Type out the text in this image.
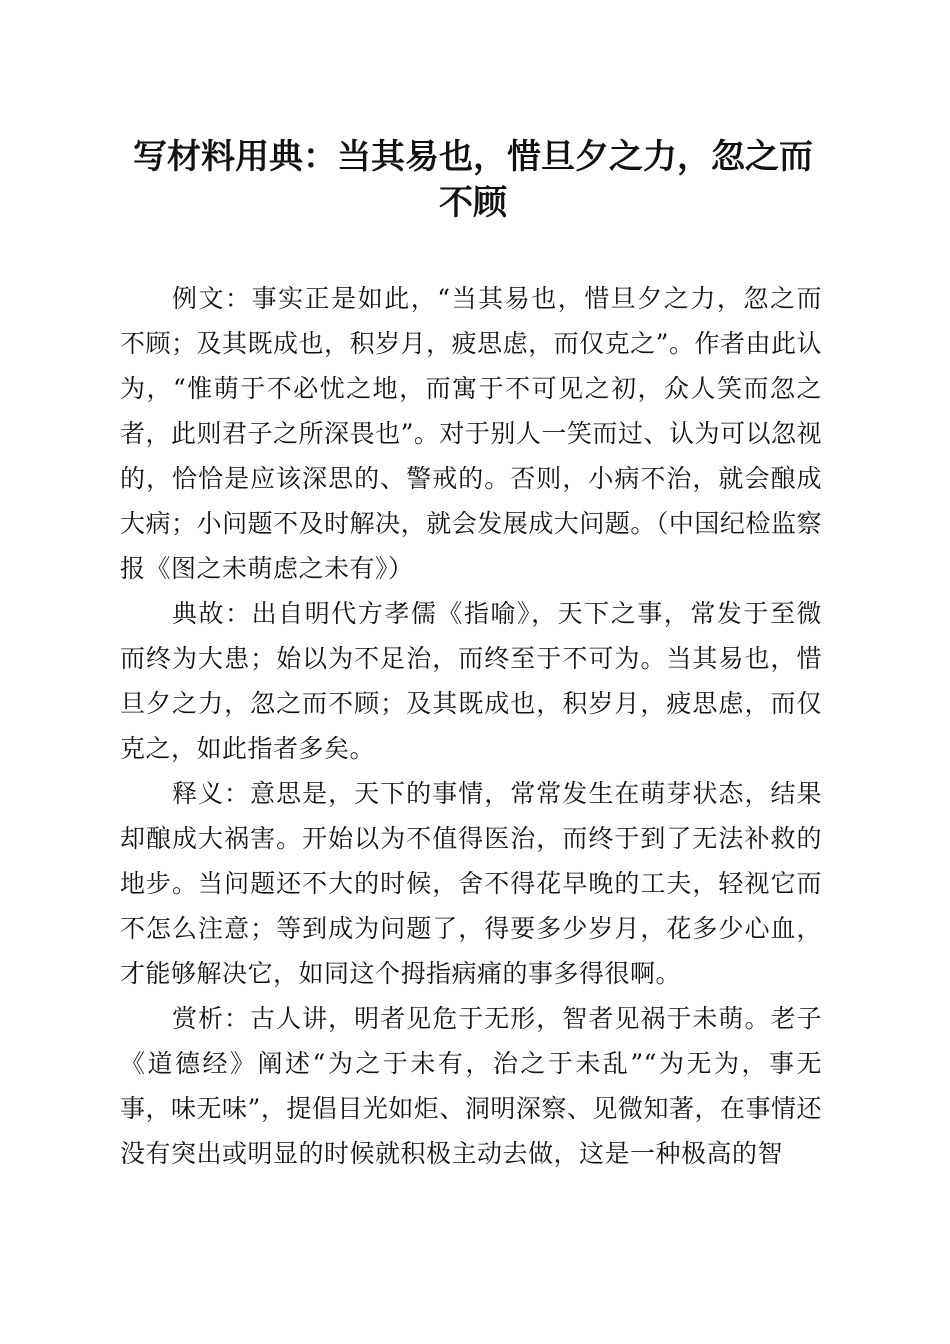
写材料用典：当其易也，惜旦夕之力，忽之而不顾

例文：事实正是如此，“当其易也，惜旦夕之力，忽之而不顾；及其既成也，积岁月，疲思虑，而仅克之”。作者由此认为，“惟萌于不必忧之地，而寓于不可见之初，众人笑而忽之者，此则君子之所深畏也”。对于别人一笑而过、认为可以忽视的，恰恰是应该深思的、警戒的。否则，小病不治，就会酿成大病；小问题不及时解决，就会发展成大问题。（中国纪检监察报《图之未萌虑之未有》）

典故：出自明代方孝儒《指喻》，天下之事，常发于至微而终为大患；始以为不足治，而终至于不可为。当其易也，惜旦夕之力，忽之而不顾；及其既成也，积岁月，疲思虑，而仅克之，如此指者多矣。

释义：意思是，天下的事情，常常发生在萌芽状态，结果却酿成大祸害。开始以为不值得医治，而终于到了无法补救的地步。当问题还不大的时候，舍不得花早晚的工夫，轻视它而不怎么注意；等到成为问题了，得要多少岁月，花多少心血，才能够解决它，如同这个拇指病痛的事多得很啊。

赏析：古人讲，明者见危于无形，智者见祸于未萌。老子《道德经》阐述“为之于未有，治之于未乱”“为无为，事无事，味无味”，提倡目光如炬、洞明深察、见微知著，在事情还没有突出或明显的时候就积极主动去做，这是一种极高的智
